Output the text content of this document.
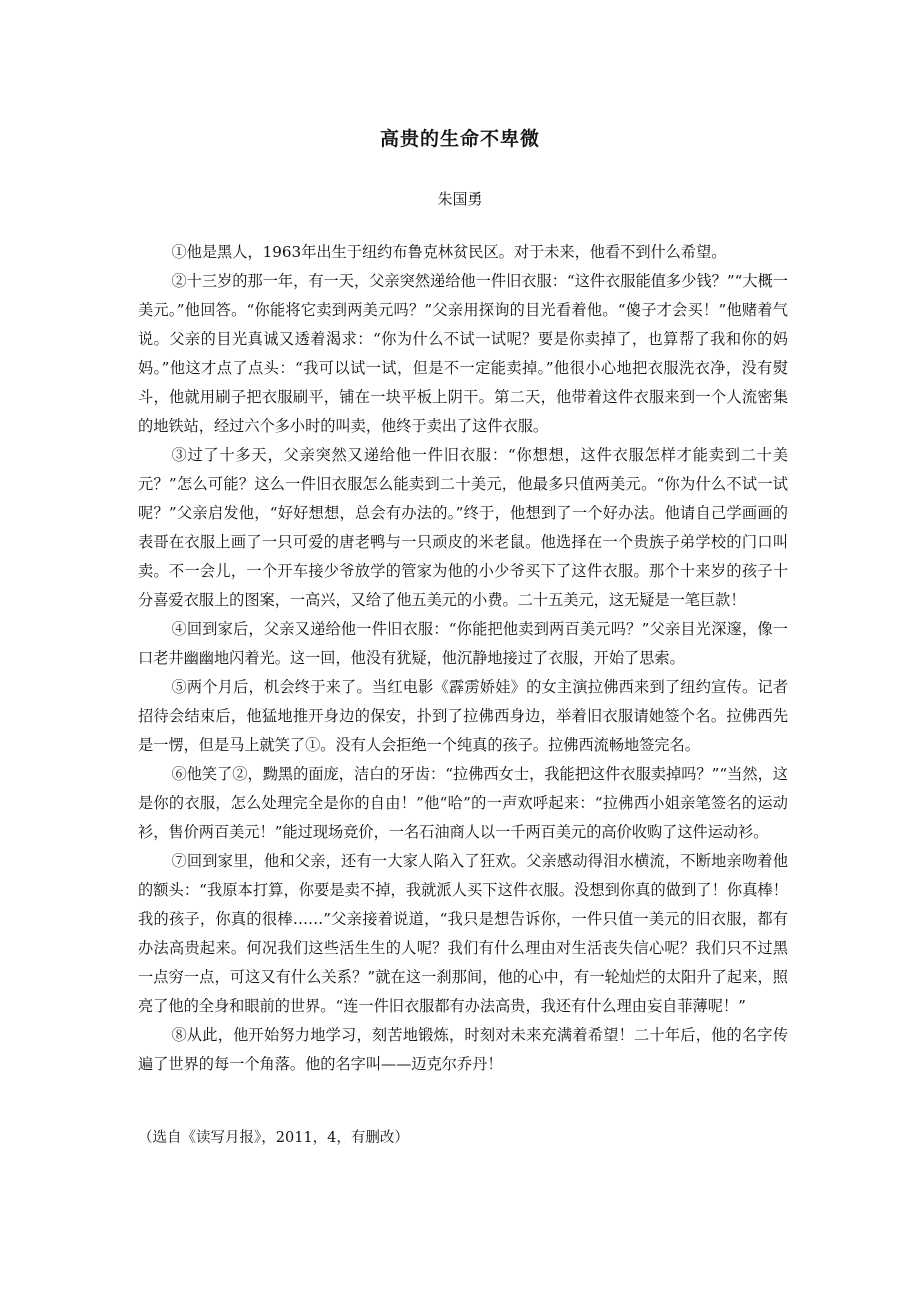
高贵的生命不卑微
朱国勇

①他是黑人，1963年出生于纽约布鲁克林贫民区。对于未来，他看不到什么希望。

②十三岁的那一年，有一天，父亲突然递给他一件旧衣服：“这件衣服能值多少钱？”“大概一美元。”他回答。“你能将它卖到两美元吗？”父亲用探询的目光看着他。“傻子才会买！”他赌着气说。父亲的目光真诚又透着渴求：“你为什么不试一试呢？要是你卖掉了，也算帮了我和你的妈妈。”他这才点了点头：“我可以试一试，但是不一定能卖掉。”他很小心地把衣服洗衣净，没有熨斗，他就用刷子把衣服刷平，铺在一块平板上阴干。第二天，他带着这件衣服来到一个人流密集的地铁站，经过六个多小时的叫卖，他终于卖出了这件衣服。

③过了十多天，父亲突然又递给他一件旧衣服：“你想想，这件衣服怎样才能卖到二十美元？”怎么可能？这么一件旧衣服怎么能卖到二十美元，他最多只值两美元。“你为什么不试一试呢？”父亲启发他，“好好想想，总会有办法的。”终于，他想到了一个好办法。他请自己学画画的表哥在衣服上画了一只可爱的唐老鸭与一只顽皮的米老鼠。他选择在一个贵族子弟学校的门口叫卖。不一会儿，一个开车接少爷放学的管家为他的小少爷买下了这件衣服。那个十来岁的孩子十分喜爱衣服上的图案，一高兴，又给了他五美元的小费。二十五美元，这无疑是一笔巨款！

④回到家后，父亲又递给他一件旧衣服：“你能把他卖到两百美元吗？”父亲目光深邃，像一口老井幽幽地闪着光。这一回，他没有犹疑，他沉静地接过了衣服，开始了思索。

⑤两个月后，机会终于来了。当红电影《霹雳娇娃》的女主演拉佛西来到了纽约宣传。记者招待会结束后，他猛地推开身边的保安，扑到了拉佛西身边，举着旧衣服请她签个名。拉佛西先是一愣，但是马上就笑了①。没有人会拒绝一个纯真的孩子。拉佛西流畅地签完名。

⑥他笑了②，黝黑的面庞，洁白的牙齿：“拉佛西女士，我能把这件衣服卖掉吗？”“当然，这是你的衣服，怎么处理完全是你的自由！”他“哈”的一声欢呼起来：“拉佛西小姐亲笔签名的运动衫，售价两百美元！”能过现场竞价，一名石油商人以一千两百美元的高价收购了这件运动衫。

⑦回到家里，他和父亲，还有一大家人陷入了狂欢。父亲感动得泪水横流，不断地亲吻着他的额头：“我原本打算，你要是卖不掉，我就派人买下这件衣服。没想到你真的做到了！你真棒！我的孩子，你真的很棒……”父亲接着说道，“我只是想告诉你，一件只值一美元的旧衣服，都有办法高贵起来。何况我们这些活生生的人呢？我们有什么理由对生活丧失信心呢？我们只不过黑一点穷一点，可这又有什么关系？”就在这一刹那间，他的心中，有一轮灿烂的太阳升了起来，照亮了他的全身和眼前的世界。“连一件旧衣服都有办法高贵，我还有什么理由妄自菲薄呢！”

⑧从此，他开始努力地学习，刻苦地锻炼，时刻对未来充满着希望！二十年后，他的名字传遍了世界的每一个角落。他的名字叫——迈克尔乔丹！

（选自《读写月报》，2011，4，有删改）
